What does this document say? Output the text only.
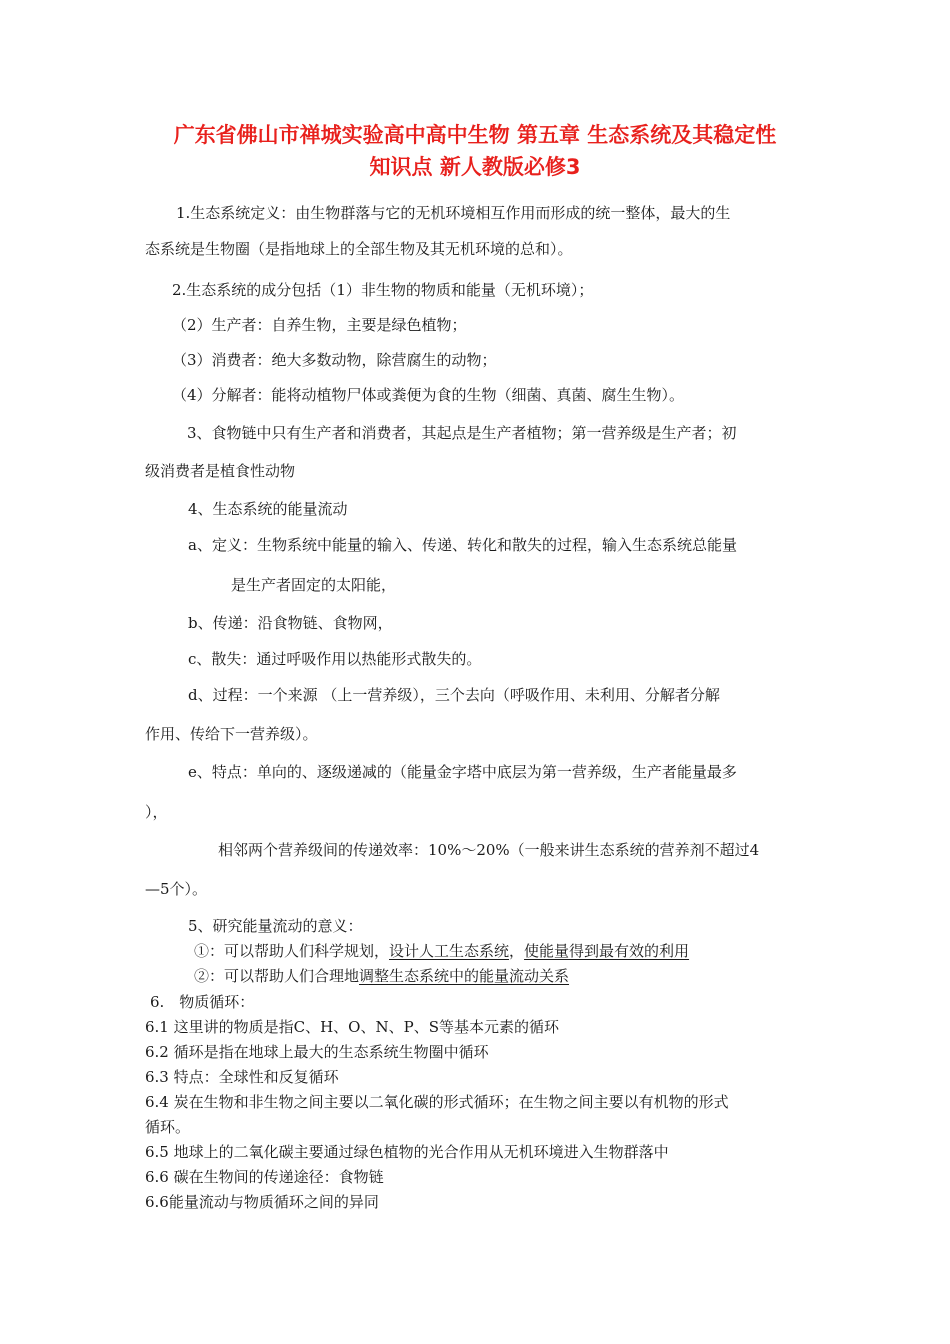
广东省佛山市禅城实验高中高中生物 第五章 生态系统及其稳定性
知识点 新人教版必修3
1.生态系统定义：由生物群落与它的无机环境相互作用而形成的统一整体，最大的生
态系统是生物圈（是指地球上的全部生物及其无机环境的总和）。
2.生态系统的成分包括（1）非生物的物质和能量（无机环境）；
（2）生产者：自养生物，主要是绿色植物；
（3）消费者：绝大多数动物，除营腐生的动物；
（4）分解者：能将动植物尸体或粪便为食的生物（细菌、真菌、腐生生物）。
3、食物链中只有生产者和消费者，其起点是生产者植物；第一营养级是生产者；初
级消费者是植食性动物
4、生态系统的能量流动
a、定义：生物系统中能量的输入、传递、转化和散失的过程，输入生态系统总能量
是生产者固定的太阳能，
b、传递：沿食物链、食物网，
c、散失：通过呼吸作用以热能形式散失的。
d、过程：一个来源 （上一营养级），三个去向（呼吸作用、未利用、分解者分解
作用、传给下一营养级）。
e、特点：单向的、逐级递减的（能量金字塔中底层为第一营养级，生产者能量最多
），
相邻两个营养级间的传递效率：10%～20%（一般来讲生态系统的营养剂不超过4
—5个）。
5、研究能量流动的意义：
①：可以帮助人们科学规划，设计人工生态系统，使能量得到最有效的利用
②：可以帮助人们合理地调整生态系统中的能量流动关系
6.　物质循环：
6.1 这里讲的物质是指C、H、O、N、P、S等基本元素的循环
6.2 循环是指在地球上最大的生态系统生物圈中循环
6.3 特点：全球性和反复循环
6.4 炭在生物和非生物之间主要以二氧化碳的形式循环；在生物之间主要以有机物的形式
循环。
6.5 地球上的二氧化碳主要通过绿色植物的光合作用从无机环境进入生物群落中
6.6 碳在生物间的传递途径：食物链
6.6能量流动与物质循环之间的异同
